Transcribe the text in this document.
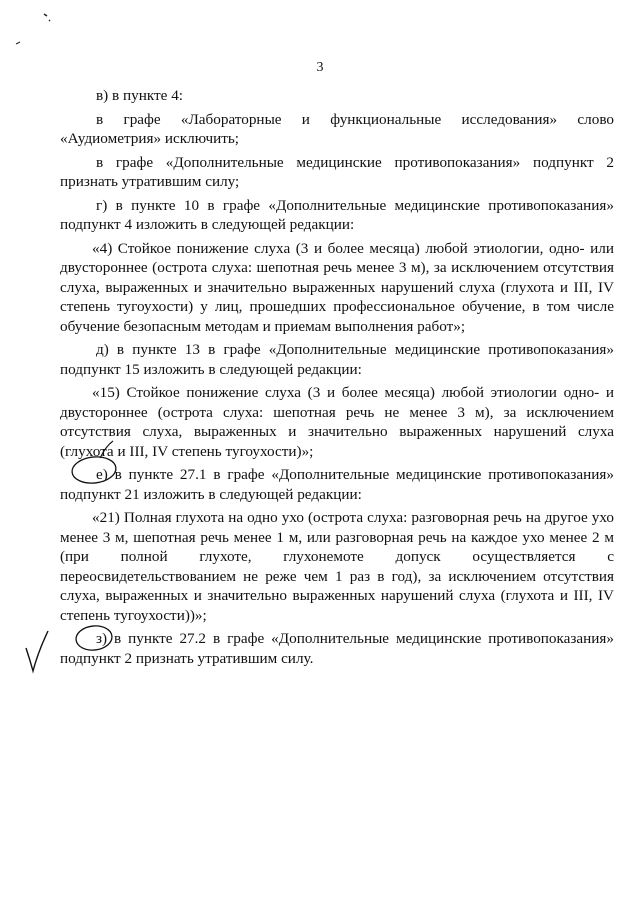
3

в) в пункте 4:

в графе «Лабораторные и функциональные исследования» слово «Аудиометрия» исключить;

в графе «Дополнительные медицинские противопоказания» подпункт 2 признать утратившим силу;

г) в пункте 10 в графе «Дополнительные медицинские противопоказания» подпункт 4 изложить в следующей редакции:

«4) Стойкое понижение слуха (3 и более месяца) любой этиологии, одно- или двустороннее (острота слуха: шепотная речь менее 3 м), за исключением отсутствия слуха, выраженных и значительно выраженных нарушений слуха (глухота и III, IV степень тугоухости) у лиц, прошедших профессиональное обучение, в том числе обучение безопасным методам и приемам выполнения работ»;

д) в пункте 13 в графе «Дополнительные медицинские противопоказания» подпункт 15 изложить в следующей редакции:

«15) Стойкое понижение слуха (3 и более месяца) любой этиологии одно- и двустороннее (острота слуха: шепотная речь не менее 3 м), за исключением отсутствия слуха, выраженных и значительно выраженных нарушений слуха (глухота и III, IV степень тугоухости)»;

е) в пункте 27.1 в графе «Дополнительные медицинские противопоказания» подпункт 21 изложить в следующей редакции:

«21) Полная глухота на одно ухо (острота слуха: разговорная речь на другое ухо менее 3 м, шепотная речь менее 1 м, или разговорная речь на каждое ухо менее 2 м (при полной глухоте, глухонемоте допуск осуществляется с переосвидетельствованием не реже чем 1 раз в год), за исключением отсутствия слуха, выраженных и значительно выраженных нарушений слуха (глухота и III, IV степень тугоухости))»;

з) в пункте 27.2 в графе «Дополнительные медицинские противопоказания» подпункт 2 признать утратившим силу.
